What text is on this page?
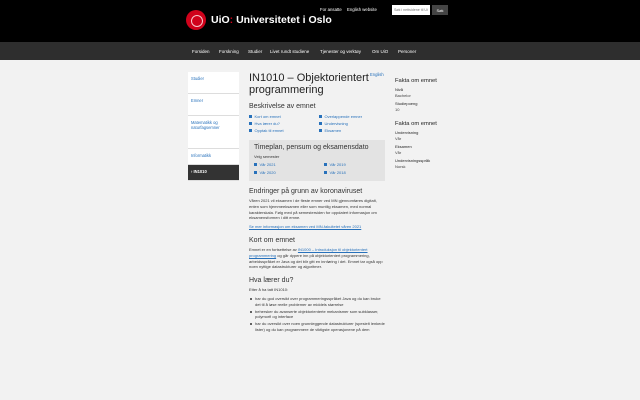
UiO: Universitetet i Oslo
For ansatte English website
Søk i nettsidene til UiO	Søk
Forsiden Forskning Studier Livet rundt studiene Tjenester og verktøy Om UiO Personer
Studier
Emner
Matematikk og naturfagsemner
Informatikk
› IN1010
English
IN1010 – Objektorientert programmering
Beskrivelse av emnet
Kort om emnet	Overlappende emner
Hva lærer du?	Undervisning
Opptak til emnet	Eksamen
Timeplan, pensum og eksamensdato
Velg semester
Vår 2021	Vår 2019
Vår 2020	Vår 2018
Endringer på grunn av koronaviruset
Våren 2021 vil eksamen i de fleste emner ved MN gjennomføres digitalt, enten som hjemmeeksamen eller som muntlig eksamen, med normal karakterskala. Følg med på semestersiden for oppdatert informasjon om eksamensformen i ditt emne.
Se mer informasjon om eksamen ved MN-fakultetet våren 2021
Kort om emnet
Emnet er en fortsettelse av IN1000 – Introduksjon til objektorientert programmering og går dypere inn på objektorientert programmering, arbeidsspråket er Java og det blir gitt en innføring i det. Emnet tar også opp noen nyttige datastrukturer og algoritmer.
Hva lærer du?
Etter å ha tatt IN1010:
har du god oversikt over programmeringsspråket Java og du kan bruke det til å løse reelle problemer av middels størrelse
behersker du avanserte objektorienterte mekanismer som subklasser, polymorfi og interface
har du oversikt over noen grunnleggende datastrukturer (spesielt lenkede lister) og du kan programmere de viktigste operasjonene på dem
Fakta om emnet
Nivå
Bachelor
Studiepoeng
10
Fakta om emnet
Undervisning
Vår
Eksamen
Vår
Undervisningsspråk
Norsk
